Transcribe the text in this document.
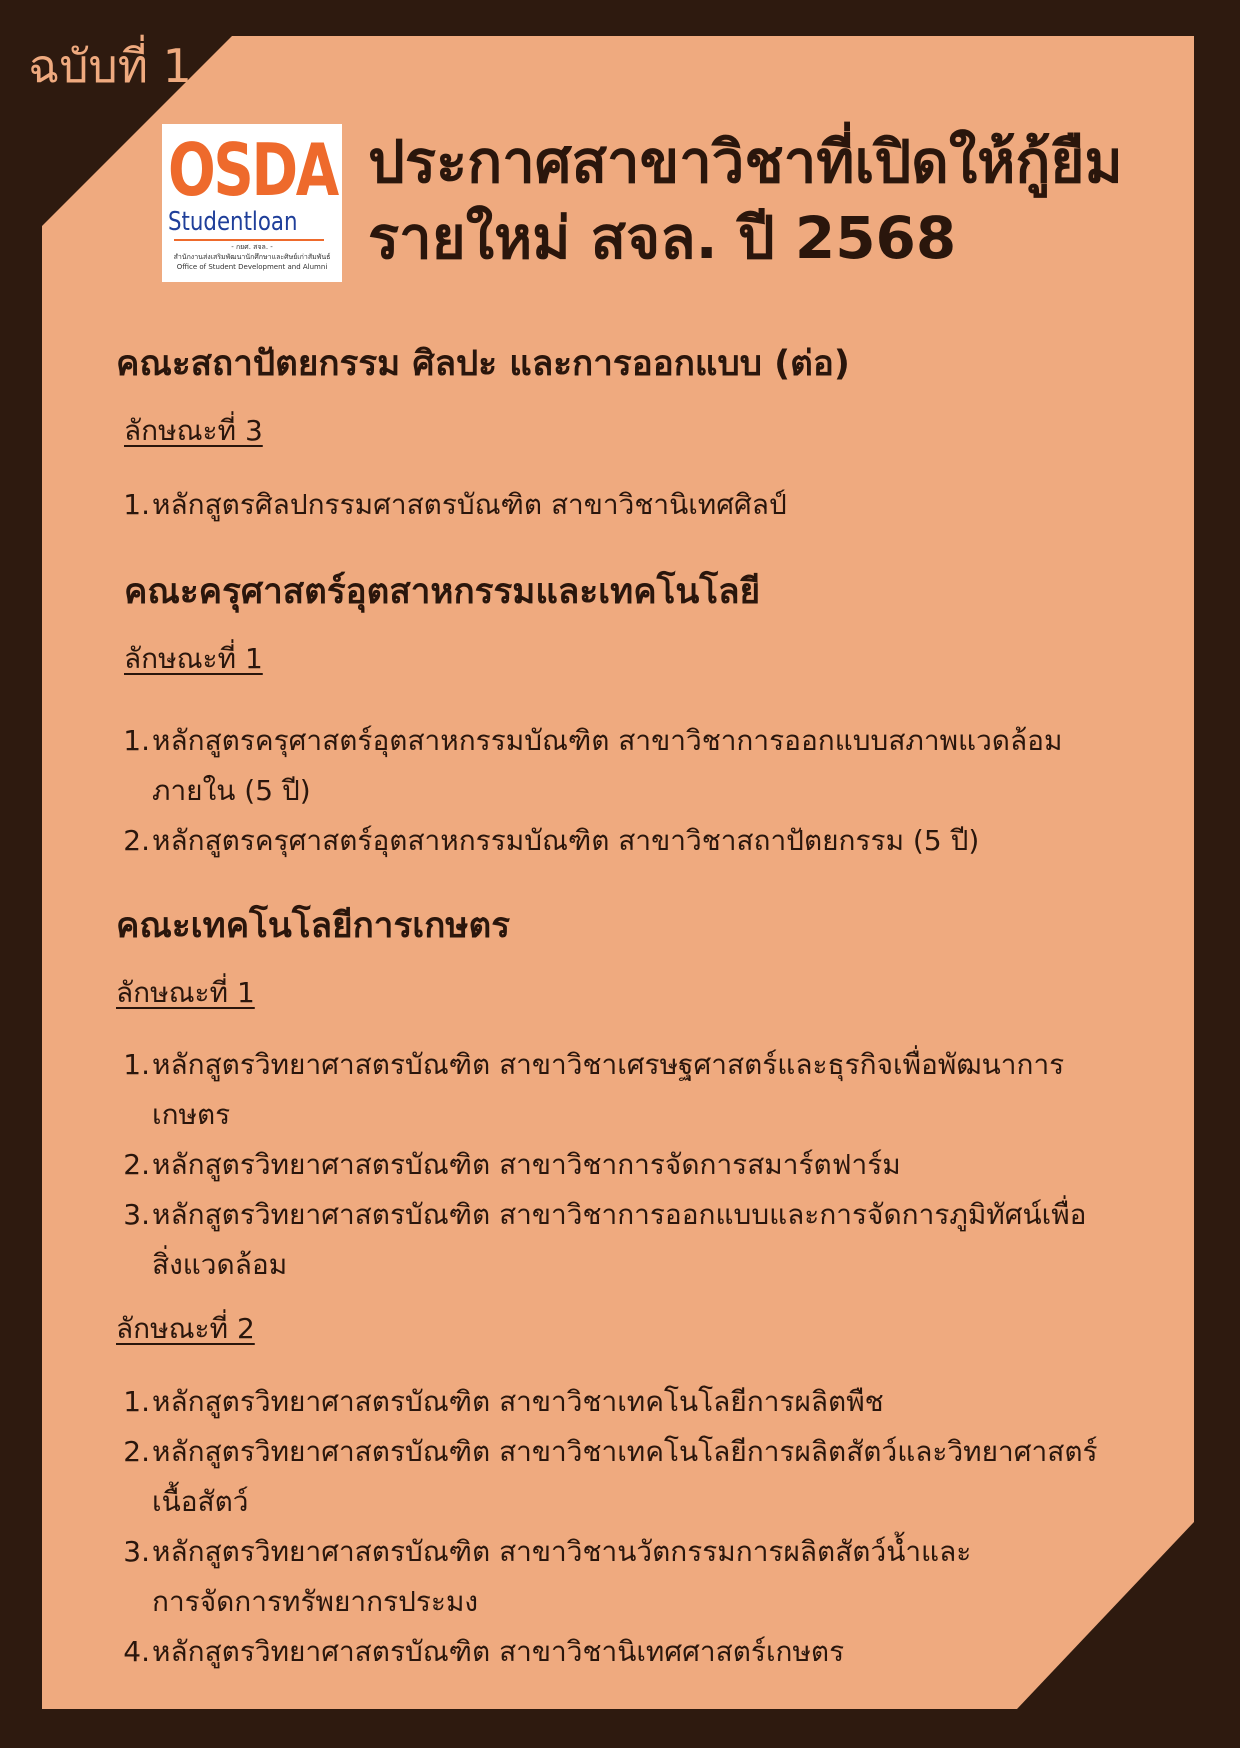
ฉบับที่ 1
OSDA
Studentloan
- กยศ. สจล. -
สำนักงานส่งเสริมพัฒนานักศึกษาและศิษย์เก่าสัมพันธ์
Office of Student Development and Alumni
ประกาศสาขาวิชาที่เปิดให้กู้ยืม
รายใหม่ สจล. ปี 2568
คณะสถาปัตยกรรม ศิลปะ และการออกแบบ (ต่อ)
ลักษณะที่ 3
1. หลักสูตรศิลปกรรมศาสตรบัณฑิต สาขาวิชานิเทศศิลป์
คณะครุศาสตร์อุตสาหกรรมและเทคโนโลยี
ลักษณะที่ 1
1. หลักสูตรครุศาสตร์อุตสาหกรรมบัณฑิต สาขาวิชาการออกแบบสภาพแวดล้อม
ภายใน (5 ปี)
2. หลักสูตรครุศาสตร์อุตสาหกรรมบัณฑิต สาขาวิชาสถาปัตยกรรม (5 ปี)
คณะเทคโนโลยีการเกษตร
ลักษณะที่ 1
1. หลักสูตรวิทยาศาสตรบัณฑิต สาขาวิชาเศรษฐศาสตร์และธุรกิจเพื่อพัฒนาการ
เกษตร
2. หลักสูตรวิทยาศาสตรบัณฑิต สาขาวิชาการจัดการสมาร์ตฟาร์ม
3. หลักสูตรวิทยาศาสตรบัณฑิต สาขาวิชาการออกแบบและการจัดการภูมิทัศน์เพื่อ
สิ่งแวดล้อม
ลักษณะที่ 2
1. หลักสูตรวิทยาศาสตรบัณฑิต สาขาวิชาเทคโนโลยีการผลิตพืช
2. หลักสูตรวิทยาศาสตรบัณฑิต สาขาวิชาเทคโนโลยีการผลิตสัตว์และวิทยาศาสตร์
เนื้อสัตว์
3. หลักสูตรวิทยาศาสตรบัณฑิต สาขาวิชานวัตกรรมการผลิตสัตว์น้ำและ
การจัดการทรัพยากรประมง
4. หลักสูตรวิทยาศาสตรบัณฑิต สาขาวิชานิเทศศาสตร์เกษตร
